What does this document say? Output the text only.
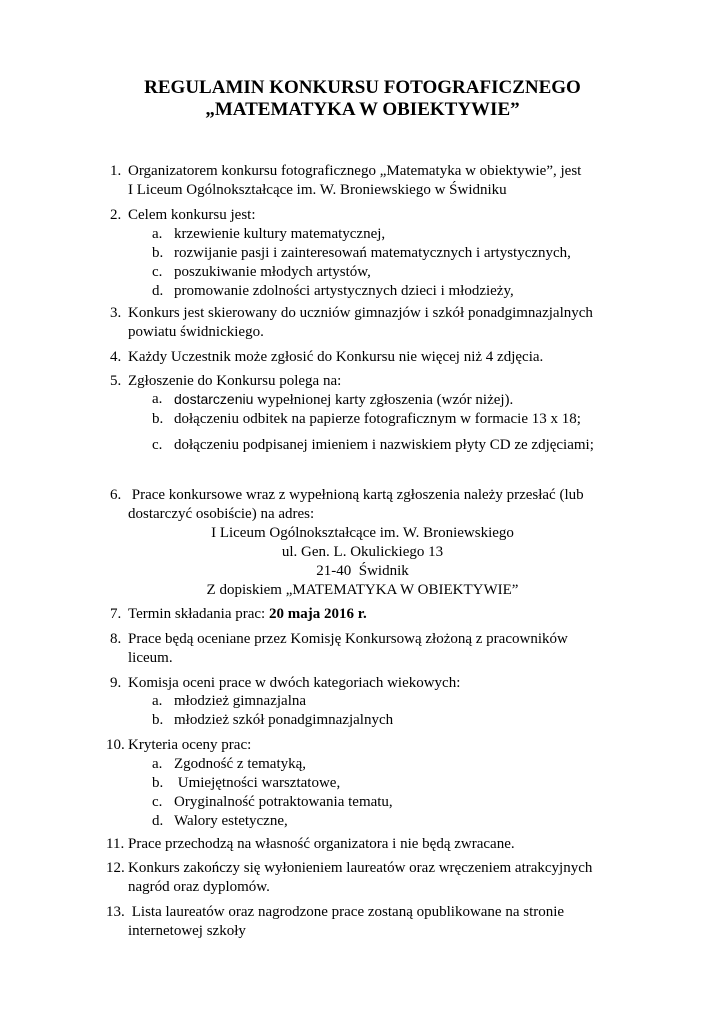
REGULAMIN KONKURSU FOTOGRAFICZNEGO
„MATEMATYKA W OBIEKTYWIE”
1. Organizatorem konkursu fotograficznego „Matematyka w obiektywie”, jest
I Liceum Ogólnokształcące im. W. Broniewskiego w Świdniku
2. Celem konkursu jest:
a. krzewienie kultury matematycznej,
b. rozwijanie pasji i zainteresowań matematycznych i artystycznych,
c. poszukiwanie młodych artystów,
d. promowanie zdolności artystycznych dzieci i młodzieży,
3. Konkurs jest skierowany do uczniów gimnazjów i szkół ponadgimnazjalnych
powiatu świdnickiego.
4. Każdy Uczestnik może zgłosić do Konkursu nie więcej niż 4 zdjęcia.
5. Zgłoszenie do Konkursu polega na:
a. dostarczeniu wypełnionej karty zgłoszenia (wzór niżej).
b. dołączeniu odbitek na papierze fotograficznym w formacie 13 x 18;
c. dołączeniu podpisanej imieniem i nazwiskiem płyty CD ze zdjęciami;
6. Prace konkursowe wraz z wypełnioną kartą zgłoszenia należy przesłać (lub
dostarczyć osobiście) na adres:
I Liceum Ogólnokształcące im. W. Broniewskiego
ul. Gen. L. Okulickiego 13
21-40  Świdnik
Z dopiskiem „MATEMATYKA W OBIEKTYWIE”
7. Termin składania prac: 20 maja 2016 r.
8. Prace będą oceniane przez Komisję Konkursową złożoną z pracowników
liceum.
9. Komisja oceni prace w dwóch kategoriach wiekowych:
a. młodzież gimnazjalna
b. młodzież szkół ponadgimnazjalnych
10. Kryteria oceny prac:
a. Zgodność z tematyką,
b. Umiejętności warsztatowe,
c. Oryginalność potraktowania tematu,
d. Walory estetyczne,
11. Prace przechodzą na własność organizatora i nie będą zwracane.
12. Konkurs zakończy się wyłonieniem laureatów oraz wręczeniem atrakcyjnych
nagród oraz dyplomów.
13. Lista laureatów oraz nagrodzone prace zostaną opublikowane na stronie
internetowej szkoły
